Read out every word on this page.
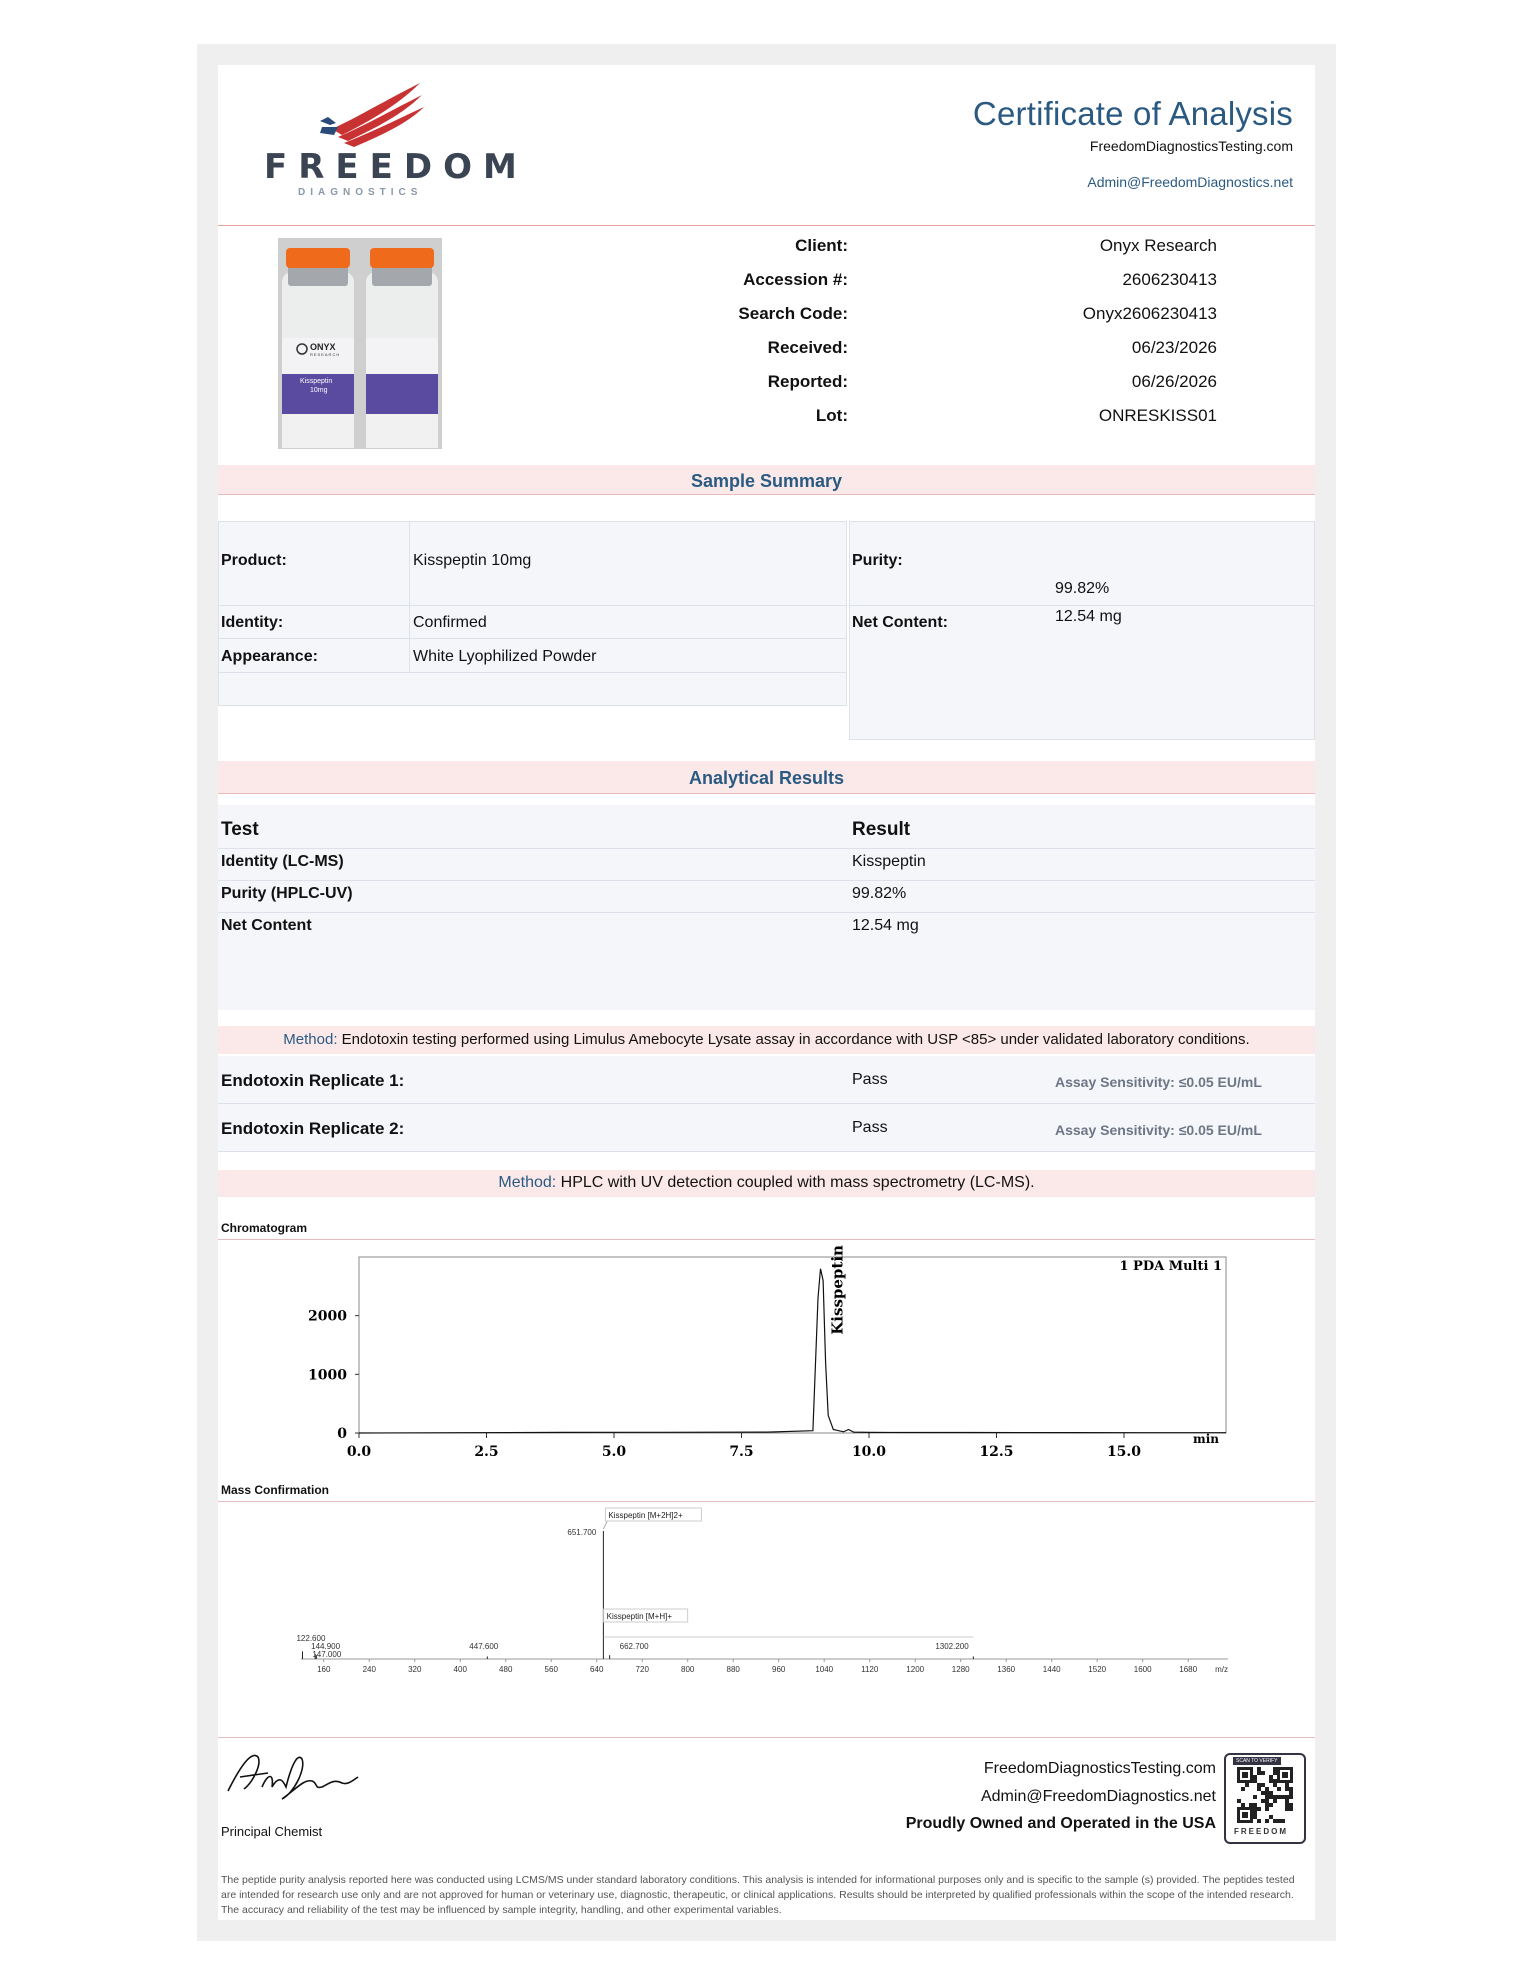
FREEDOM
DIAGNOSTICS
Certificate of Analysis
FreedomDiagnosticsTesting.com
Admin@FreedomDiagnostics.net
ONYX
RESEARCH
Kisspeptin
10mg
Client:	Onyx Research
Accession #:	2606230413
Search Code:	Onyx2606230413
Received:	06/23/2026
Reported:	06/26/2026
Lot:	ONRESKISS01
Sample Summary
Product:	Kisspeptin 10mg
Identity:	Confirmed
Appearance:	White Lyophilized Powder
Purity:
99.82%
Net Content:	12.54 mg
Analytical Results
Test	Result
Identity (LC-MS)	Kisspeptin
Purity (HPLC-UV)	99.82%
Net Content	12.54 mg
Method: Endotoxin testing performed using Limulus Amebocyte Lysate assay in accordance with USP <85> under validated laboratory conditions.
Endotoxin Replicate 1:	Pass	Assay Sensitivity: ≤0.05 EU/mL
Endotoxin Replicate 2:	Pass	Assay Sensitivity: ≤0.05 EU/mL
Method: HPLC with UV detection coupled with mass spectrometry (LC-MS).
Chromatogram
0.0	2.5	5.0	7.5	10.0	12.5	15.0
0
1000
2000
1 PDA Multi 1
min
Kisspeptin
Mass Confirmation
160	240	320	400	480	560	640	720	800	880	960	1040	1120	1200	1280	1360	1440	1520	1600	1680 m/z
122.600
144.900
147.000
447.600
651.700
662.700	1302.200
Kisspeptin [M+2H]2+
Kisspeptin [M+H]+
Principal Chemist
FreedomDiagnosticsTesting.com
Admin@FreedomDiagnostics.net
Proudly Owned and Operated in the USA
SCAN TO VERIFY
FREEDOM
The peptide purity analysis reported here was conducted using LCMS/MS under standard laboratory conditions. This analysis is intended for informational purposes only and is specific to the sample (s) provided. The peptides tested are intended for research use only and are not approved for human or veterinary use, diagnostic, therapeutic, or clinical applications. Results should be interpreted by qualified professionals within the scope of the intended research. The accuracy and reliability of the test may be influenced by sample integrity, handling, and other experimental variables.
